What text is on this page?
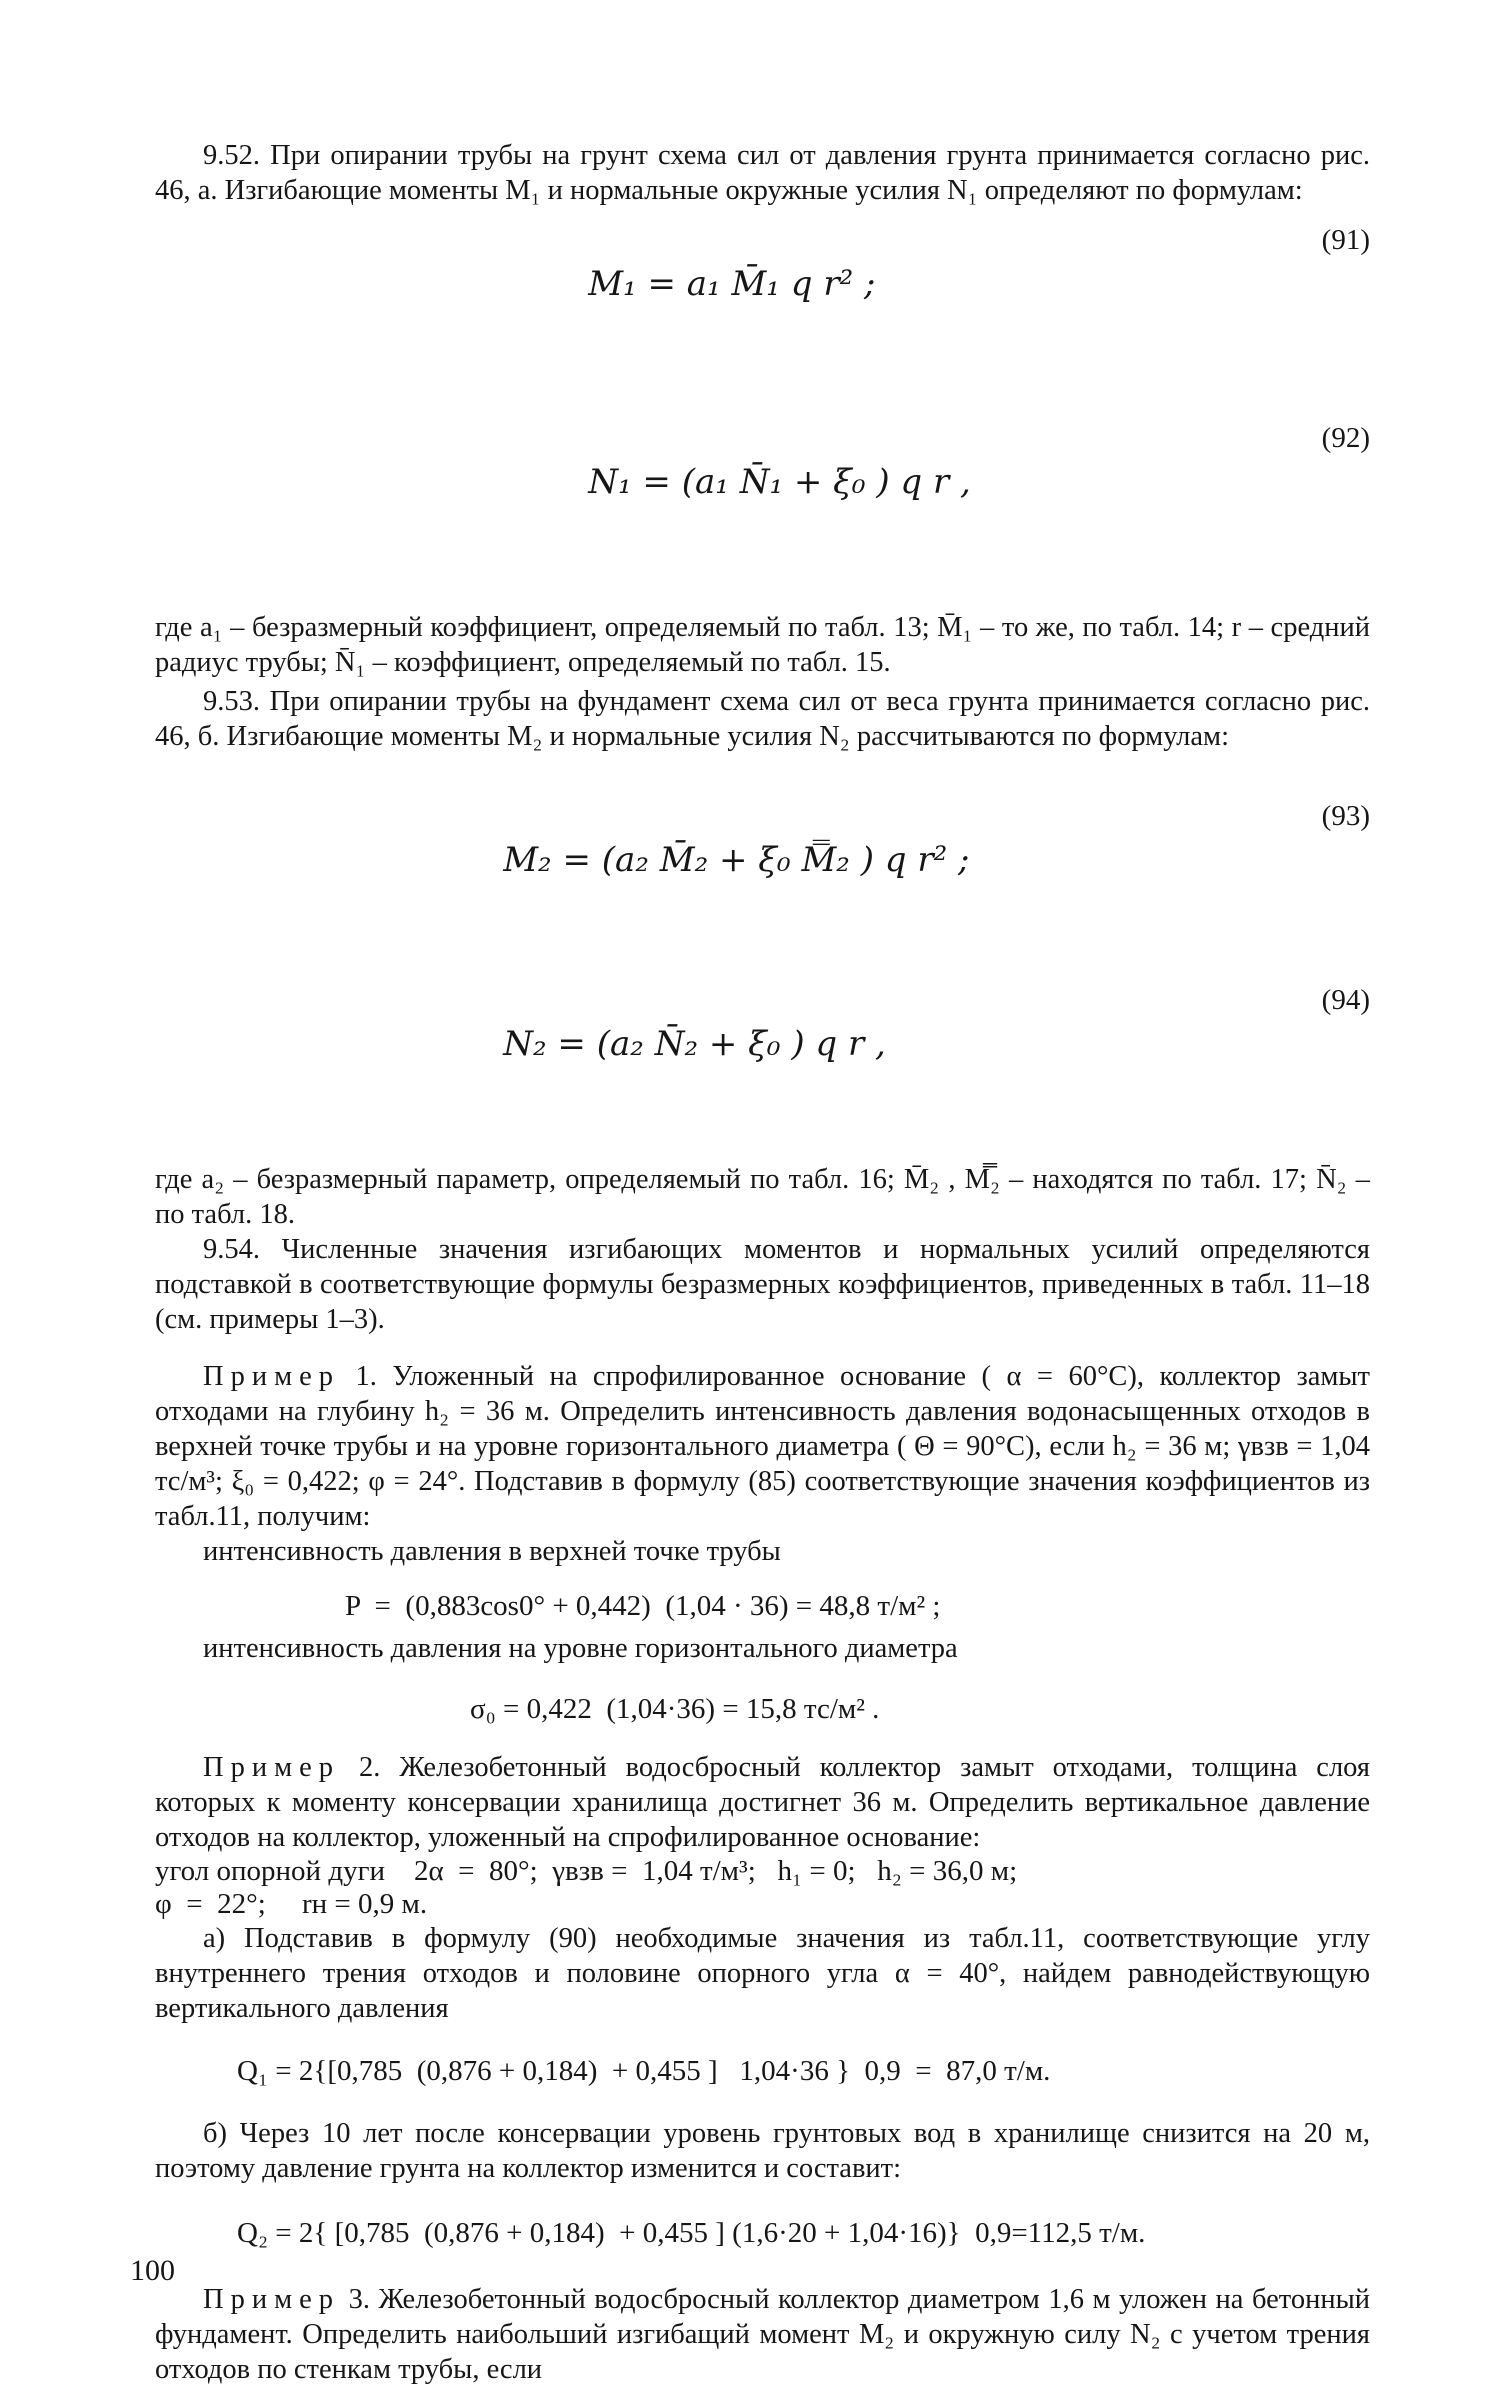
9.52. При опирании трубы на грунт схема сил от давления грунта принимается согласно рис. 46, а. Изгибающие моменты M₁ и нормальные окружные усилия N₁ определяют по формулам:

M₁ = a₁ M̄₁ q r² ;

(91)

N₁ = (a₁ N̄₁ + ξ₀ ) q r ,

(92)

где a₁ – безразмерный коэффициент, определяемый по табл. 13; M̄₁ – то же, по табл. 14; r – средний радиус трубы; N̄₁ – коэффициент, определяемый по табл. 15.

9.53. При опирании трубы на фундамент схема сил от веса грунта принимается согласно рис. 46, б. Изгибающие моменты M₂ и нормальные усилия N₂ рассчитываются по формулам:

M₂ = (a₂ M̄₂ + ξ₀ M̿₂ ) q r² ;

(93)

N₂ = (a₂ N̄₂ + ξ₀ ) q r ,

(94)

где a₂ – безразмерный параметр, определяемый по табл. 16; M̄₂ , M̿₂ – находятся по табл. 17; N̄₂ – по табл. 18.

9.54. Численные значения изгибающих моментов и нормальных усилий определяются подставкой в соответствующие формулы безразмерных коэффициентов, приведенных в табл. 11–18 (см. примеры 1–3).

Пример 1. Уложенный на спрофилированное основание ( α = 60°С), коллектор замыт отходами на глубину h₂ = 36 м. Определить интенсивность давления водонасыщенных отходов в верхней точке трубы и на уровне горизонтального диаметра ( Θ = 90°С), если h₂ = 36 м; γвзв = 1,04 тс/м³; ξ₀ = 0,422; φ = 24°. Подставив в формулу (85) соответствующие значения коэффициентов из табл.11, получим:

интенсивность давления в верхней точке трубы

P  =  (0,883cos0° + 0,442)  (1,04 · 36) = 48,8 т/м² ;

интенсивность давления на уровне горизонтального диаметра

σ₀ = 0,422  (1,04·36) = 15,8 тс/м² .

Пример 2. Железобетонный водосбросный коллектор замыт отходами, толщина слоя которых к моменту консервации хранилища достигнет 36 м. Определить вертикальное давление отходов на коллектор, уложенный на спрофилированное основание:

угол опорной дуги    2α  =  80°;  γвзв =  1,04 т/м³;   h₁ = 0;   h₂ = 36,0 м;
φ  =  22°;     rн = 0,9 м.

а) Подставив в формулу (90) необходимые значения из табл.11, соответствующие углу внутреннего трения отходов и половине опорного угла α = 40°, найдем равнодействующую вертикального давления

Q₁ = 2{[0,785  (0,876 + 0,184)  + 0,455 ]   1,04·36 }  0,9  =  87,0 т/м.

б) Через 10 лет после консервации уровень грунтовых вод в хранилище снизится на 20 м, поэтому давление грунта на коллектор изменится и составит:

Q₂ = 2{ [0,785  (0,876 + 0,184)  + 0,455 ] (1,6·20 + 1,04·16)}  0,9=112,5 т/м.

Пример 3. Железобетонный водосбросный коллектор диаметром 1,6 м уложен на бетонный фундамент. Определить наибольший изгибащий момент M₂ и окружную силу N₂ с учетом трения отходов по стенкам трубы, если

100
